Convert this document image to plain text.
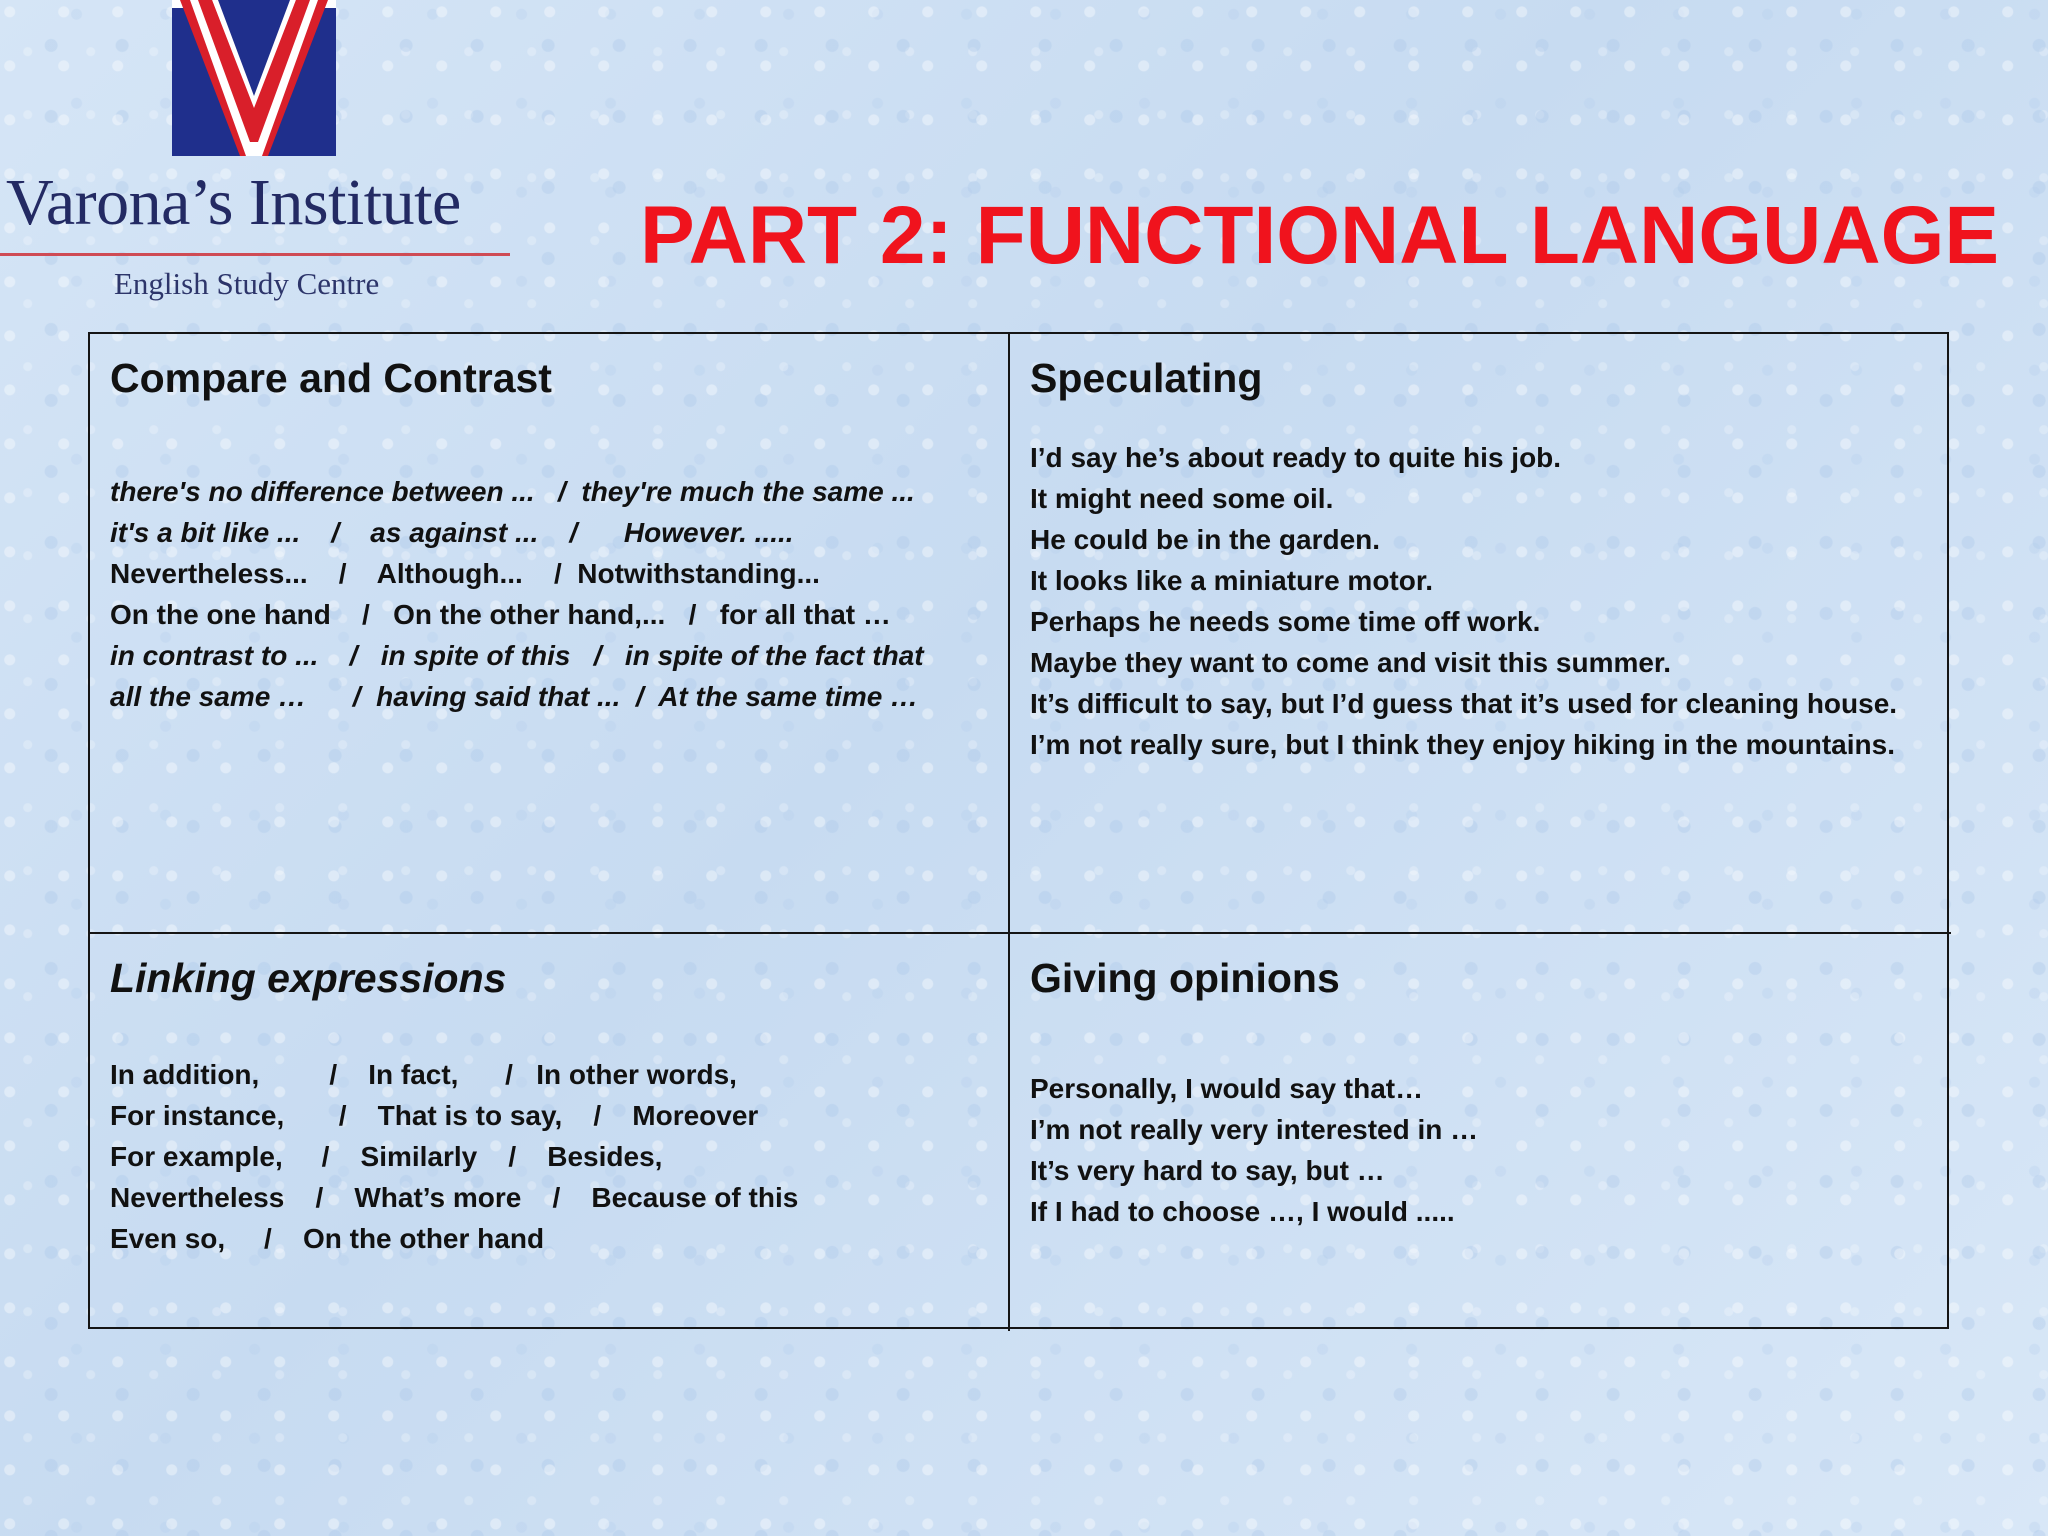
Varona’s Institute
English Study Centre
PART 2: FUNCTIONAL LANGUAGE
Compare and Contrast
there's no difference between ...   /  they're much the same ...
it's a bit like ...    /    as against ...    /      However. .....
Nevertheless...    /    Although...    /  Notwithstanding...
On the one hand    /   On the other hand,...   /   for all that …
in contrast to ...    /   in spite of this   /   in spite of the fact that
all the same …      /  having said that ...  /  At the same time …
Speculating
I’d say he’s about ready to quite his job.
It might need some oil.
He could be in the garden.
It looks like a miniature motor.
Perhaps he needs some time off work.
Maybe they want to come and visit this summer.
It’s difficult to say, but I’d guess that it’s used for cleaning house.
I’m not really sure, but I think they enjoy hiking in the mountains.
Linking expressions
In addition,         /    In fact,      /   In other words,
For instance,       /    That is to say,    /    Moreover
For example,     /    Similarly    /    Besides,
Nevertheless    /    What’s more    /    Because of this
Even so,     /    On the other hand
Giving opinions
Personally, I would say that…
I’m not really very interested in …
It’s very hard to say, but …
If I had to choose …, I would .....
